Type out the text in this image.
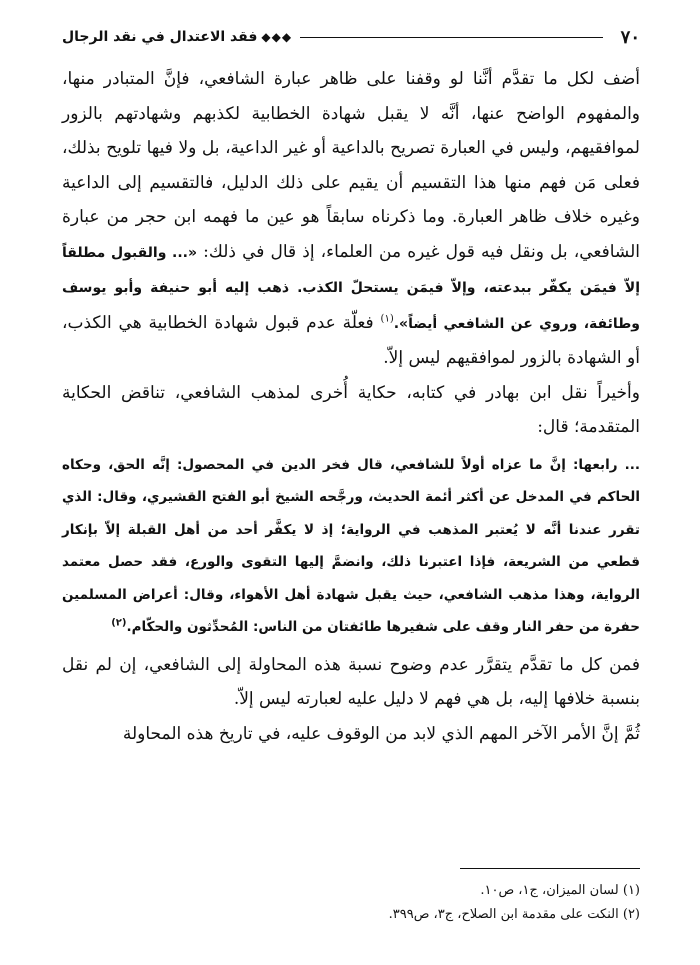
٧٠
◆◆◆
فقد الاعتدال في نقد الرجال

أضف لكل ما تقدَّم أنَّنا لو وقفنا على ظاهر عبارة الشافعي، فإنَّ المتبادر منها، والمفهوم الواضح عنها، أنَّه لا يقبل شهادة الخطابية لكذبهم وشهادتهم بالزور لموافقيهم، وليس في العبارة تصريح بالداعية أو غير الداعية، بل ولا فيها تلويح بذلك، فعلى مَن فهم منها هذا التقسيم أن يقيم على ذلك الدليل، فالتقسيم إلى الداعية وغيره خلاف ظاهر العبارة. وما ذكرناه سابقاً هو عين ما فهمه ابن حجر من عبارة الشافعي، بل ونقل فيه قول غيره من العلماء، إذ قال في ذلك: «... والقبول مطلقاً إلاّ فيمَن يكفّر ببدعته، وإلاّ فيمَن يستحلّ الكذب. ذهب إليه أبو حنيفة وأبو يوسف وطائفة، وروي عن الشافعي أيضاً».$^{(١)}$ فعلّة عدم قبول شهادة الخطابية هي الكذب، أو الشهادة بالزور لموافقيهم ليس إلاّ.

وأخيراً نقل ابن بهادر في كتابه، حكاية أُخرى لمذهب الشافعي، تناقض الحكاية المتقدمة؛ قال:

... رابعها: إنَّ ما عزاه أولاً للشافعي، قال فخر الدين في المحصول: إنَّه الحق، وحكاه الحاكم في المدخل عن أكثر أئمة الحديث، ورجَّحه الشيخ أبو الفتح القشيري، وقال: الذي تقرر عندنا أنَّه لا يُعتبر المذهب في الرواية؛ إذ لا يكفَّر أحد من أهل القبلة إلاّ بإنكار قطعي من الشريعة، فإذا اعتبرنا ذلك، وانضمَّ إليها التقوى والورع، فقد حصل معتمد الرواية، وهذا مذهب الشافعي، حيث يقبل شهادة أهل الأهواء، وقال: أعراض المسلمين حفرة من حفر النار وقف على شفيرها طائفتان من الناس: المُحدِّثون والحكّام.$^{(٢)}$

فمن كل ما تقدَّم يتقرَّر عدم وضوح نسبة هذه المحاولة إلى الشافعي، إن لم نقل بنسبة خلافها إليه، بل هي فهم لا دليل عليه لعبارته ليس إلاّ.

ثُمَّ إنَّ الأمر الآخر المهم الذي لابد من الوقوف عليه، في تاريخ هذه المحاولة

(١) لسان الميزان، ج١، ص١٠.

(٢) النكت على مقدمة ابن الصلاح، ج٣، ص٣٩٩.
